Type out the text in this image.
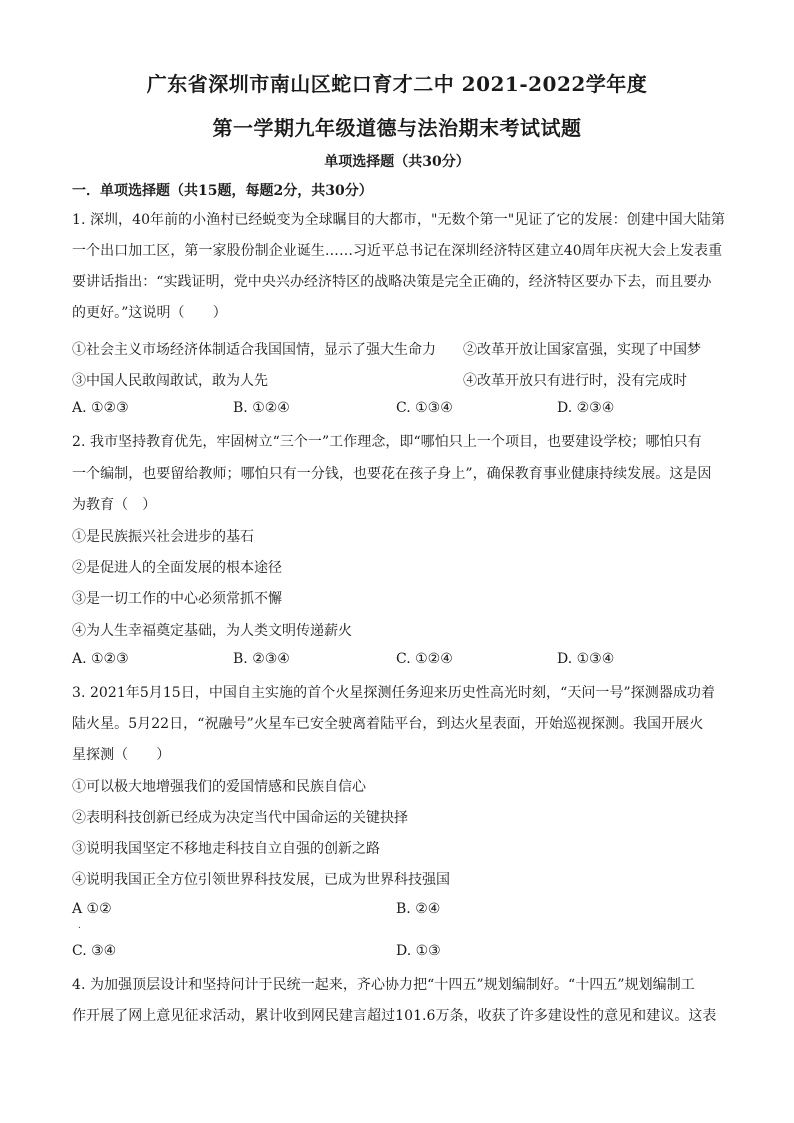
广东省深圳市南山区蛇口育才二中 2021-2022学年度
第一学期九年级道德与法治期末考试试题
单项选择题（共30分）
一．单项选择题（共15题，每题2分，共30分）
1. 深圳，40年前的小渔村已经蜕变为全球瞩目的大都市，"无数个第一"见证了它的发展：创建中国大陆第
一个出口加工区，第一家股份制企业诞生……习近平总书记在深圳经济特区建立40周年庆祝大会上发表重
要讲话指出：“实践证明，党中央兴办经济特区的战略决策是完全正确的，经济特区要办下去，而且要办
的更好。”这说明（　　）
①社会主义市场经济体制适合我国国情，显示了强大生命力 ②改革开放让国家富强，实现了中国梦
③中国人民敢闯敢试，敢为人先	④改革开放只有进行时，没有完成时
A. ①②③	B. ①②④	C. ①③④	D. ②③④
2. 我市坚持教育优先，牢固树立“三个一”工作理念，即“哪怕只上一个项目，也要建设学校；哪怕只有
一个编制，也要留给教师；哪怕只有一分钱，也要花在孩子身上”，确保教育事业健康持续发展。这是因
为教育（　）
①是民族振兴社会进步的基石
②是促进人的全面发展的根本途径
③是一切工作的中心必须常抓不懈
④为人生幸福奠定基础，为人类文明传递薪火
A. ①②③	B. ②③④	C. ①②④	D. ①③④
3. 2021年5月15日，中国自主实施的首个火星探测任务迎来历史性高光时刻，“天问一号”探测器成功着
陆火星。5月22日，“祝融号”火星车已安全驶离着陆平台，到达火星表面，开始巡视探测。我国开展火
星探测（　　）
①可以极大地增强我们的爱国情感和民族自信心
②表明科技创新已经成为决定当代中国命运的关键抉择
③说明我国坚定不移地走科技自立自强的创新之路
④说明我国正全方位引领世界科技发展，已成为世界科技强国
A ①②	B. ②④
.
C. ③④	D. ①③
4. 为加强顶层设计和坚持问计于民统一起来，齐心协力把“十四五”规划编制好。“十四五”规划编制工
作开展了网上意见征求活动，累计收到网民建言超过101.6万条，收获了许多建设性的意见和建议。这表
